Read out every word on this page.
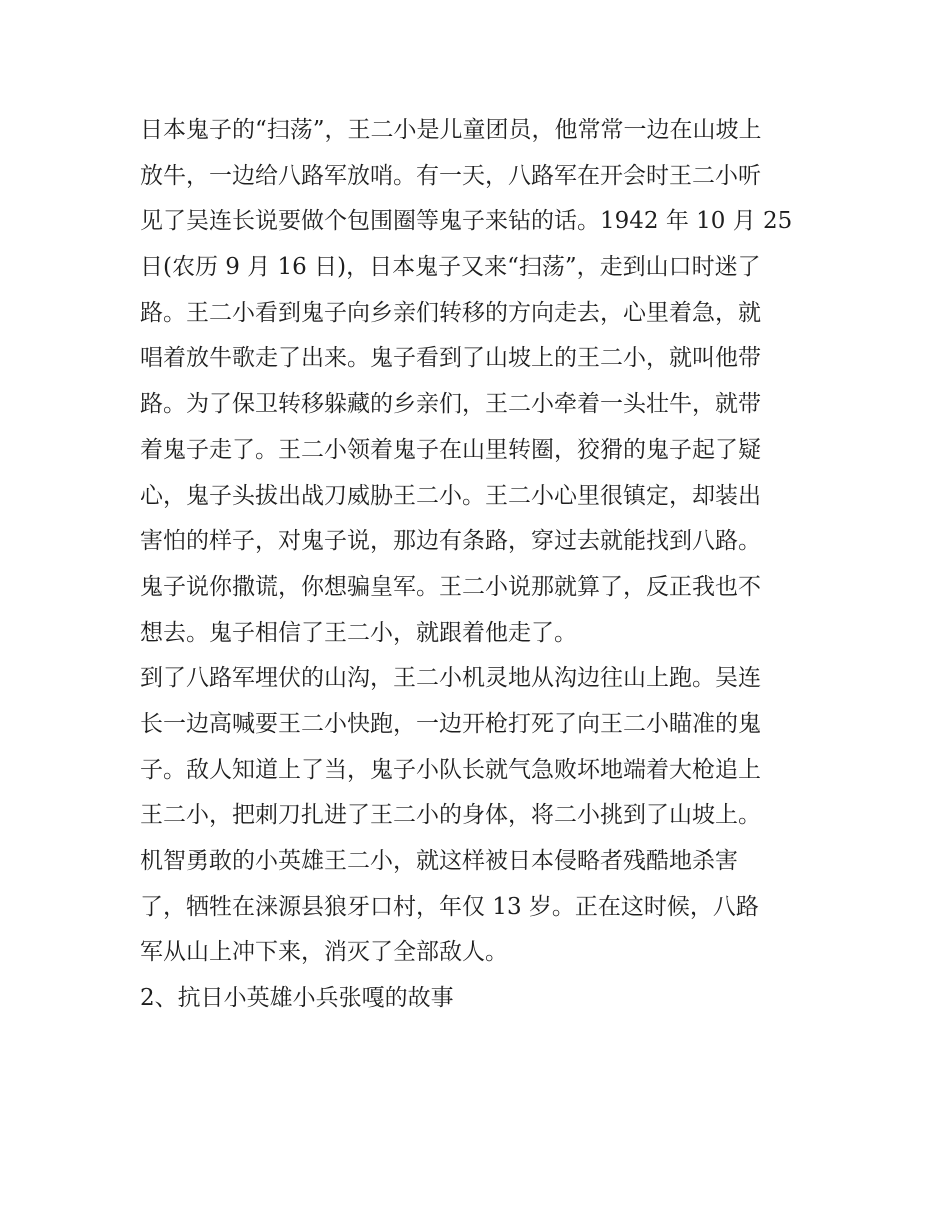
日本鬼子的“扫荡”，王二小是儿童团员，他常常一边在山坡上
放牛，一边给八路军放哨。有一天，八路军在开会时王二小听
见了吴连长说要做个包围圈等鬼子来钻的话。1942 年 10 月 25
日(农历 9 月 16 日)，日本鬼子又来“扫荡”，走到山口时迷了
路。王二小看到鬼子向乡亲们转移的方向走去，心里着急，就
唱着放牛歌走了出来。鬼子看到了山坡上的王二小，就叫他带
路。为了保卫转移躲藏的乡亲们，王二小牵着一头壮牛，就带
着鬼子走了。王二小领着鬼子在山里转圈，狡猾的鬼子起了疑
心，鬼子头拔出战刀威胁王二小。王二小心里很镇定，却装出
害怕的样子，对鬼子说，那边有条路，穿过去就能找到八路。
鬼子说你撒谎，你想骗皇军。王二小说那就算了，反正我也不
想去。鬼子相信了王二小，就跟着他走了。
到了八路军埋伏的山沟，王二小机灵地从沟边往山上跑。吴连
长一边高喊要王二小快跑，一边开枪打死了向王二小瞄准的鬼
子。敌人知道上了当，鬼子小队长就气急败坏地端着大枪追上
王二小，把刺刀扎进了王二小的身体，将二小挑到了山坡上。
机智勇敢的小英雄王二小，就这样被日本侵略者残酷地杀害
了，牺牲在涞源县狼牙口村，年仅 13 岁。正在这时候，八路
军从山上冲下来，消灭了全部敌人。
2、抗日小英雄小兵张嘎的故事
